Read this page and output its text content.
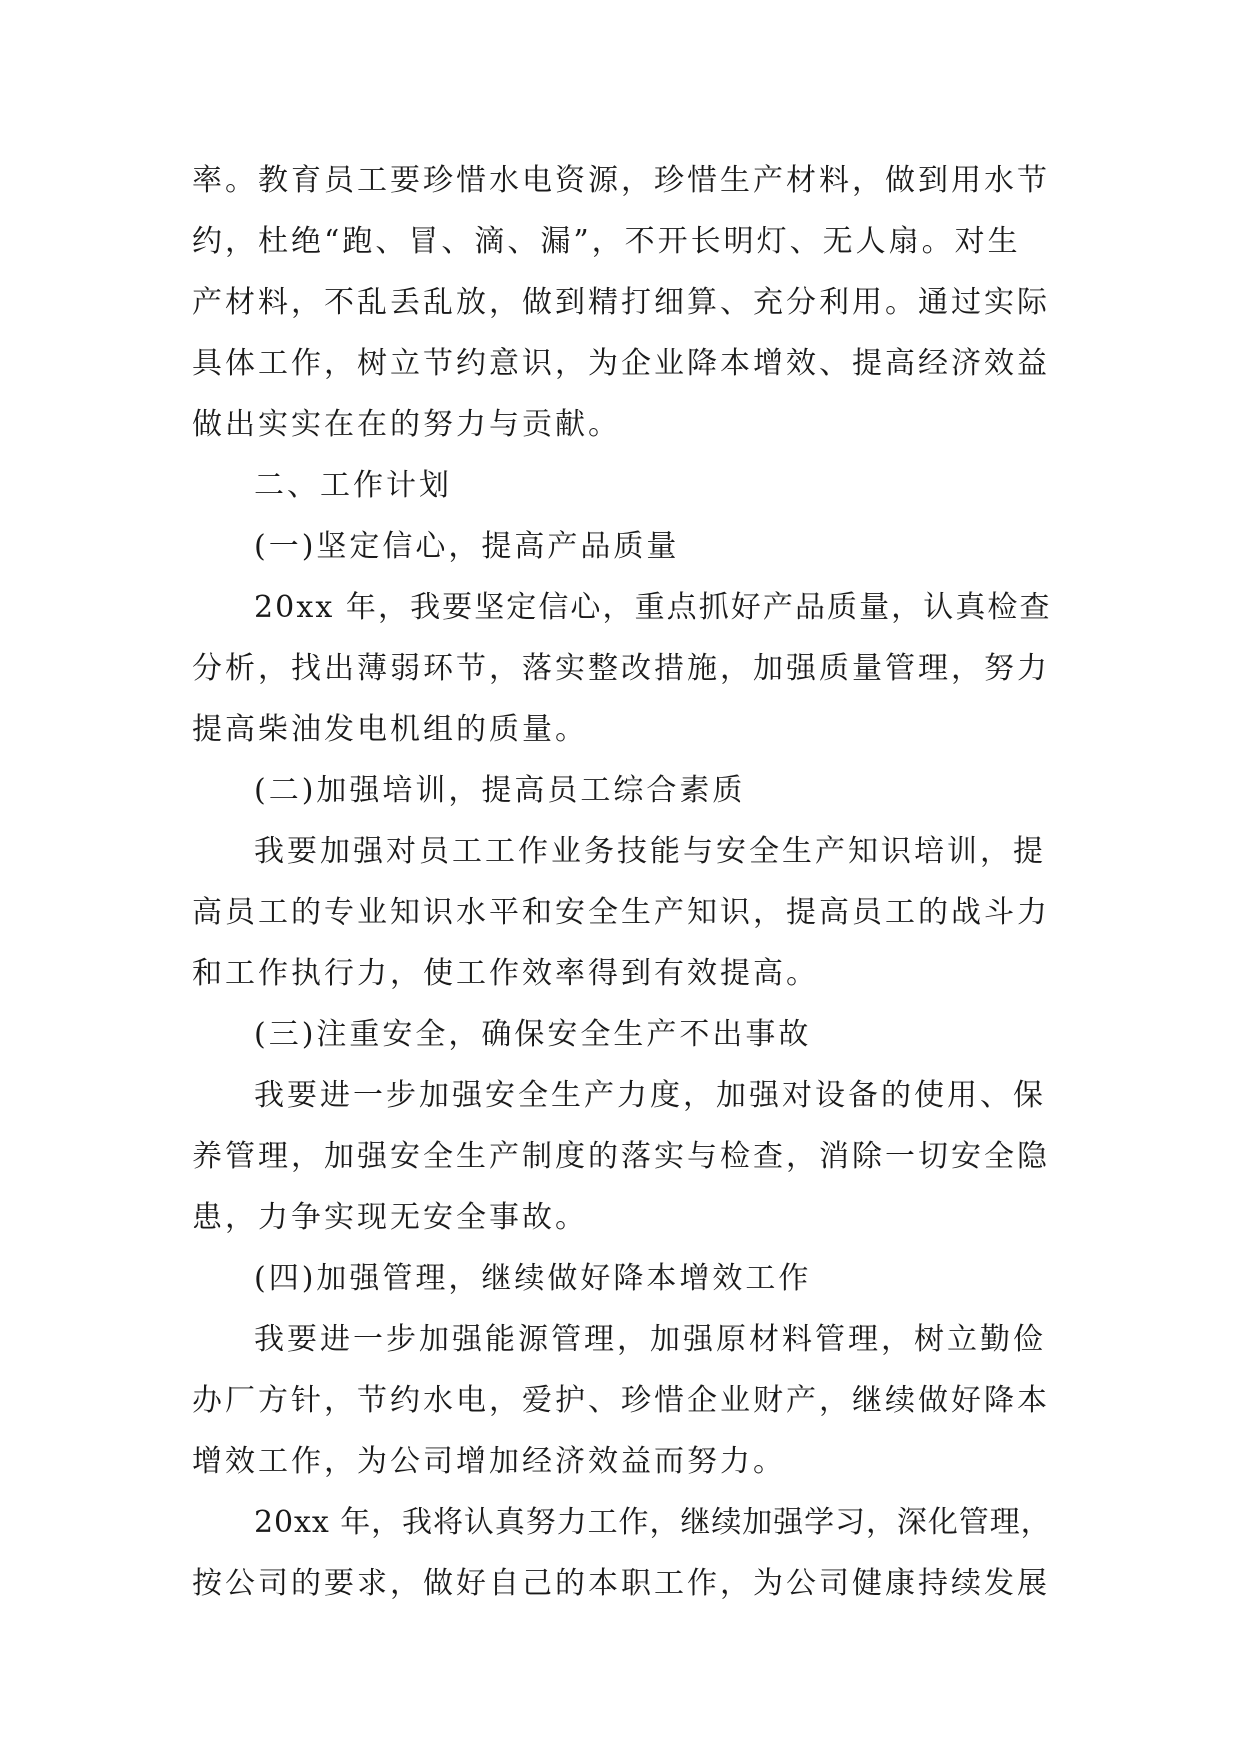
率。教育员工要珍惜水电资源，珍惜生产材料，做到用水节
约，杜绝“跑、冒、滴、漏”，不开长明灯、无人扇。对生
产材料，不乱丢乱放，做到精打细算、充分利用。通过实际
具体工作，树立节约意识，为企业降本增效、提高经济效益
做出实实在在的努力与贡献。
二、工作计划
(一)坚定信心，提高产品质量
20xx 年，我要坚定信心，重点抓好产品质量，认真检查
分析，找出薄弱环节，落实整改措施，加强质量管理，努力
提高柴油发电机组的质量。
(二)加强培训，提高员工综合素质
我要加强对员工工作业务技能与安全生产知识培训，提
高员工的专业知识水平和安全生产知识，提高员工的战斗力
和工作执行力，使工作效率得到有效提高。
(三)注重安全，确保安全生产不出事故
我要进一步加强安全生产力度，加强对设备的使用、保
养管理，加强安全生产制度的落实与检查，消除一切安全隐
患，力争实现无安全事故。
(四)加强管理，继续做好降本增效工作
我要进一步加强能源管理，加强原材料管理，树立勤俭
办厂方针，节约水电，爱护、珍惜企业财产，继续做好降本
增效工作，为公司增加经济效益而努力。
20xx 年，我将认真努力工作，继续加强学习，深化管理，
按公司的要求，做好自己的本职工作，为公司健康持续发展
